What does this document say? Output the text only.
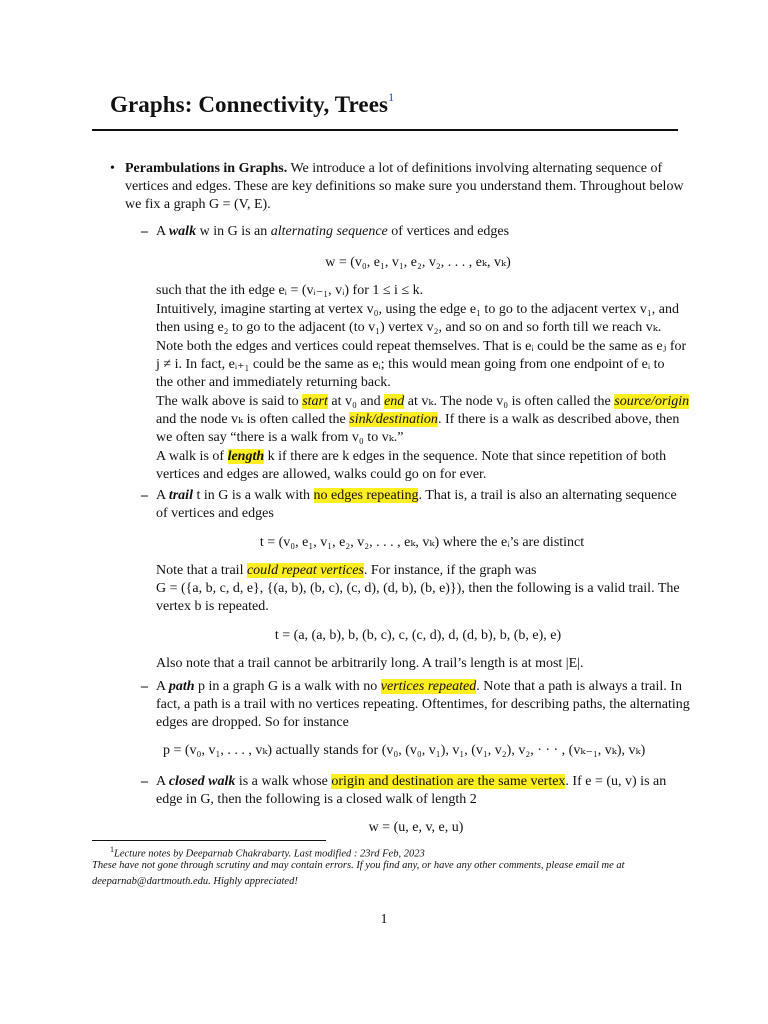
Graphs: Connectivity, Trees$^1$

• Perambulations in Graphs. We introduce a lot of definitions involving alternating sequence of

vertices and edges. These are key definitions so make sure you understand them. Throughout below

we fix a graph G = (V, E).

– A walk w in G is an alternating sequence of vertices and edges

w = (v₀, e₁, v₁, e₂, v₂, . . . , eₖ, vₖ)

such that the ith edge eᵢ = (vᵢ₋₁, vᵢ) for 1 ≤ i ≤ k.

Intuitively, imagine starting at vertex v₀, using the edge e₁ to go to the adjacent vertex v₁, and

then using e₂ to go to the adjacent (to v₁) vertex v₂, and so on and so forth till we reach vₖ.

Note both the edges and vertices could repeat themselves. That is eᵢ could be the same as eⱼ for

j ≠ i. In fact, eᵢ₊₁ could be the same as eᵢ; this would mean going from one endpoint of eᵢ to

the other and immediately returning back.

The walk above is said to start at v₀ and end at vₖ. The node v₀ is often called the source/origin

and the node vₖ is often called the sink/destination. If there is a walk as described above, then

we often say “there is a walk from v₀ to vₖ.”

A walk is of length k if there are k edges in the sequence. Note that since repetition of both

vertices and edges are allowed, walks could go on for ever.

– A trail t in G is a walk with no edges repeating. That is, a trail is also an alternating sequence

of vertices and edges

t = (v₀, e₁, v₁, e₂, v₂, . . . , eₖ, vₖ) where the eᵢ’s are distinct

Note that a trail could repeat vertices. For instance, if the graph was

G = ({a, b, c, d, e}, {(a, b), (b, c), (c, d), (d, b), (b, e)}), then the following is a valid trail. The

vertex b is repeated.

t = (a, (a, b), b, (b, c), c, (c, d), d, (d, b), b, (b, e), e)

Also note that a trail cannot be arbitrarily long. A trail’s length is at most |E|.

– A path p in a graph G is a walk with no vertices repeated. Note that a path is always a trail. In

fact, a path is a trail with no vertices repeating. Oftentimes, for describing paths, the alternating

edges are dropped. So for instance

p = (v₀, v₁, . . . , vₖ) actually stands for (v₀, (v₀, v₁), v₁, (v₁, v₂), v₂, · · · , (vₖ₋₁, vₖ), vₖ)

– A closed walk is a walk whose origin and destination are the same vertex. If e = (u, v) is an

edge in G, then the following is a closed walk of length 2

w = (u, e, v, e, u)

$^1$Lecture notes by Deeparnab Chakrabarty. Last modified : 23rd Feb, 2023

These have not gone through scrutiny and may contain errors. If you find any, or have any other comments, please email me at

deeparnab@dartmouth.edu. Highly appreciated!

1
